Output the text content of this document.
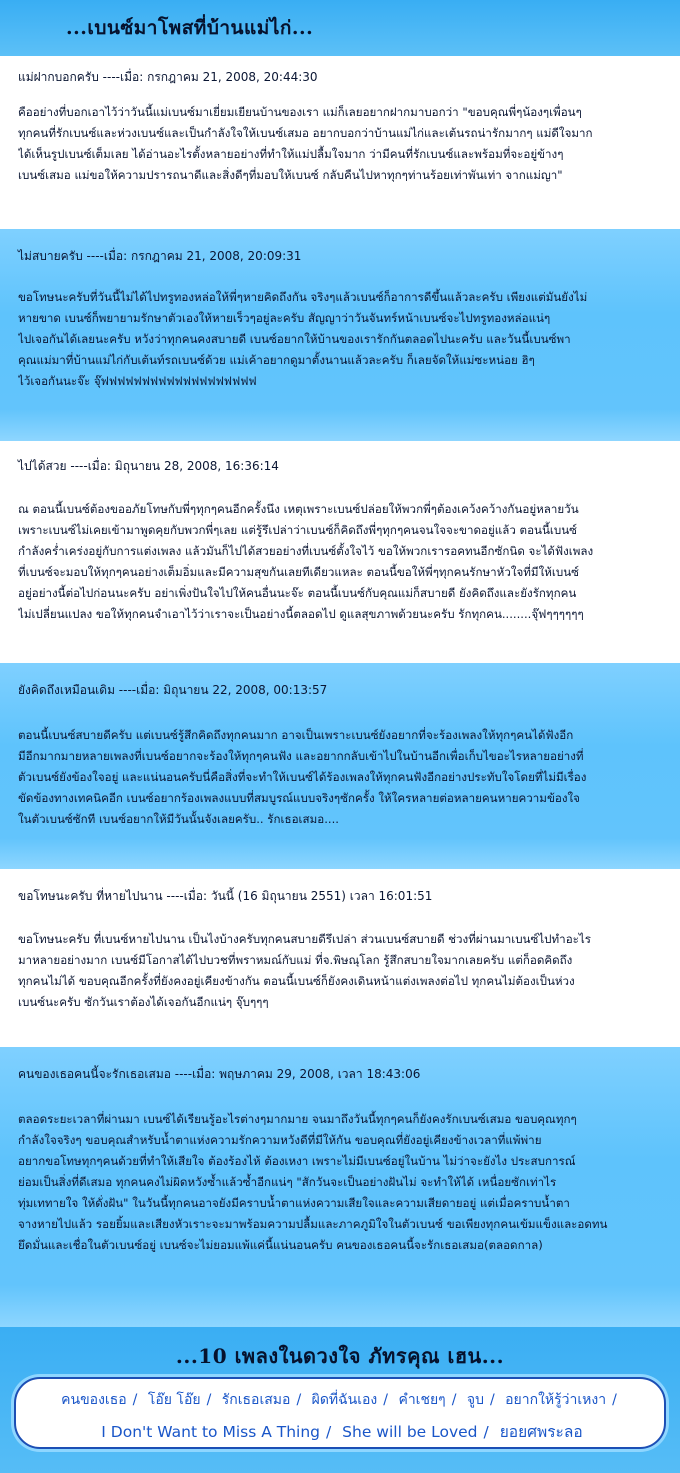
...เบนซ์มาโพสที่บ้านแม่ไก่...
แม่ฝากบอกครับ ----เมื่อ: กรกฎาคม 21, 2008, 20:44:30

คืออย่างที่บอกเอาไว้ว่าวันนี้แม่เบนซ์มาเยี่ยมเยียนบ้านของเรา แม่ก็เลยอยากฝากมาบอกว่า "ขอบคุณพี่ๆน้องๆเพื่อนๆ

ทุกคนที่รักเบนซ์และห่วงเบนซ์และเป็นกำลังใจให้เบนซ์เสมอ อยากบอกว่าบ้านแม่ไก่และเต้นรถน่ารักมากๆ แม่ดีใจมาก

ได้เห็นรูปเบนซ์เต็มเลย ได้อ่านอะไรตั้งหลายอย่างที่ทำให้แม่ปลื้มใจมาก ว่ามีคนที่รักเบนซ์และพร้อมที่จะอยู่ข้างๆ

เบนซ์เสมอ แม่ขอให้ความปรารถนาดีและสิ่งดีๆที่มอบให้เบนซ์ กลับคืนไปหาทุกๆท่านร้อยเท่าพันเท่า จากแม่ญา"

ไม่สบายครับ ----เมื่อ: กรกฎาคม 21, 2008, 20:09:31

ขอโทษนะครับที่วันนี้ไม่ได้ไปทรูทองหล่อให้พี่ๆหายคิดถึงกัน จริงๆแล้วเบนซ์ก็อาการดีขึ้นแล้วละครับ เพียงแต่มันยังไม่

หายขาด เบนซ์ก็พยายามรักษาตัวเองให้หายเร็วๆอยู่ละครับ สัญญาว่าวันจันทร์หน้าเบนซ์จะไปทรูทองหล่อแน่ๆ

ไปเจอกันได้เลยนะครับ หวังว่าทุกคนคงสบายดี เบนซ์อยากให้บ้านของเรารักกันตลอดไปนะครับ และวันนี้เบนซ์พา

คุณแม่มาที่บ้านแม่ไก่กับเต้นท์รถเบนซ์ด้วย แม่เค้าอยากดูมาตั้งนานแล้วละครับ ก็เลยจัดให้แม่ซะหน่อย ฮิๆ

ไว้เจอกันนะจ๊ะ จุ๊ฟฟฟฟฟฟฟฟฟฟฟฟฟฟฟฟฟฟฟ

ไปได้สวย ----เมื่อ: มิถุนายน 28, 2008, 16:36:14

ณ ตอนนี้เบนซ์ต้องขออภัยโทษกับพี่ๆทุกๆคนอีกครั้งนึง เหตุเพราะเบนซ์ปล่อยให้พวกพี่ๆต้องเคว้งคว้างกันอยู่หลายวัน

เพราะเบนซ์ไม่เคยเข้ามาพูดคุยกับพวกพี่ๆเลย แต่รู้รึเปล่าว่าเบนซ์ก็คิดถึงพี่ๆทุกๆคนจนใจจะขาดอยู่แล้ว ตอนนี้เบนซ์

กำลังคร่ำเคร่งอยู่กับการแต่งเพลง แล้วมันก็ไปได้สวยอย่างที่เบนซ์ตั้งใจไว้ ขอให้พวกเรารอคทนอีกซักนิด จะได้ฟังเพลง

ที่เบนซ์จะมอบให้ทุกๆคนอย่างเต็มอิ่มและมีความสุขกันเลยทีเดียวแหละ ตอนนี้ขอให้พี่ๆทุกคนรักษาหัวใจที่มีให้เบนซ์

อยู่อย่างนี้ต่อไปก่อนนะครับ อย่าเพิ่งปันใจไปให้คนอื่นนะจ๊ะ ตอนนี้เบนซ์กับคุณแม่ก็สบายดี ยังคิดถึงและยังรักทุกคน

ไม่เปลี่ยนแปลง ขอให้ทุกคนจำเอาไว้ว่าเราจะเป็นอย่างนี้ตลอดไป ดูแลสุขภาพด้วยนะครับ รักทุกคน........จุ๊ฟๆๆๆๆๆๆ

ยังคิดถึงเหมือนเดิม ----เมื่อ: มิถุนายน 22, 2008, 00:13:57

ตอนนี้เบนซ์สบายดีครับ แต่เบนซ์รู้สึกคิดถึงทุกคนมาก อาจเป็นเพราะเบนซ์ยังอยากที่จะร้องเพลงให้ทุกๆคนได้ฟังอีก

มีอีกมากมายหลายเพลงที่เบนซ์อยากจะร้องให้ทุกๆคนฟัง และอยากกลับเข้าไปในบ้านอีกเพื่อเก็บไขอะไรหลายอย่างที่

ตัวเบนซ์ยังข้องใจอยู่ และแน่นอนครับนี่คือสิ่งที่จะทำให้เบนซ์ได้ร้องเพลงให้ทุกคนฟังอีกอย่างประทับใจโดยที่ไม่มีเรื่อง

ขัดข้องทางเทคนิคอีก เบนซ์อยากร้องเพลงแบบที่สมบูรณ์แบบจริงๆซักครั้ง ให้ใครหลายต่อหลายคนหายความข้องใจ

ในตัวเบนซ์ซักที เบนซ์อยากให้มีวันนั้นจังเลยครับ.. รักเธอเสมอ....

ขอโทษนะครับ ที่หายไปนาน ----เมื่อ: วันนี้ (16 มิถุนายน 2551) เวลา 16:01:51

ขอโทษนะครับ ที่เบนซ์หายไปนาน เป็นไงบ้างครับทุกคนสบายดีรึเปล่า ส่วนเบนซ์สบายดี ช่วงที่ผ่านมาเบนซ์ไปทำอะไร

มาหลายอย่างมาก เบนซ์มีโอกาสได้ไปบวชที่พราหมณ์กับแม่ ที่จ.พิษณุโลก รู้สึกสบายใจมากเลยครับ แต่ก็อดคิดถึง

ทุกคนไม่ได้ ขอบคุณอีกครั้งที่ยังคงอยู่เคียงข้างกัน ตอนนี้เบนซ์ก็ยังคงเดินหน้าแต่งเพลงต่อไป ทุกคนไม่ต้องเป็นห่วง

เบนซ์นะครับ ซักวันเราต้องได้เจอกันอีกแน่ๆ จุ๊บๆๆๆ

คนของเธอคนนี้จะรักเธอเสมอ ----เมื่อ: พฤษภาคม 29, 2008, เวลา 18:43:06

ตลอดระยะเวลาที่ผ่านมา เบนซ์ได้เรียนรู้อะไรต่างๆมากมาย จนมาถึงวันนี้ทุกๆคนก็ยังคงรักเบนซ์เสมอ ขอบคุณทุกๆ

กำลังใจจริงๆ ขอบคุณสำหรับน้ำตาแห่งความรักความหวังดีที่มีให้กัน ขอบคุณที่ยังอยู่เคียงข้างเวลาที่แพ้พ่าย

อยากขอโทษทุกๆคนด้วยที่ทำให้เสียใจ ต้องร้องไห้ ต้องเหงา เพราะไม่มีเบนซ์อยู่ในบ้าน ไม่ว่าจะยังไง ประสบการณ์

ย่อมเป็นสิ่งที่ดีเสมอ ทุกคนคงไม่ผิดหวังซ้ำแล้วซ้ำอีกแน่ๆ "สักวันจะเป็นอย่างฝันไม่ จะทำให้ได้ เหนื่อยซักเท่าไร

ทุ่มเททายใจ ให้ดั่งฝัน" ในวันนี้ทุกคนอาจยังมีคราบน้ำตาแห่งความเสียใจและความเสียดายอยู่ แต่เมื่อคราบน้ำตา

จางหายไปแล้ว รอยยิ้มและเสียงหัวเราะจะมาพร้อมความปลื้มและภาคภูมิใจในตัวเบนซ์ ขอเพียงทุกคนเข้มแข็งและอดทน

ยึดมั่นและเชื่อในตัวเบนซ์อยู่ เบนซ์จะไม่ยอมแพ้แค่นี้แน่นอนครับ คนของเธอคนนี้จะรักเธอเสมอ(ตลอดกาล)

...10 เพลงในดวงใจ ภัทรคุณ เฮน...
คนของเธอ / โอ๊ย โอ๊ย / รักเธอเสมอ / ผิดที่ฉันเอง / คำเชยๆ / จูบ / อยากให้รู้ว่าเหงา /
I Don't Want to Miss A Thing / She will be Loved / ยอยศพระลอ
